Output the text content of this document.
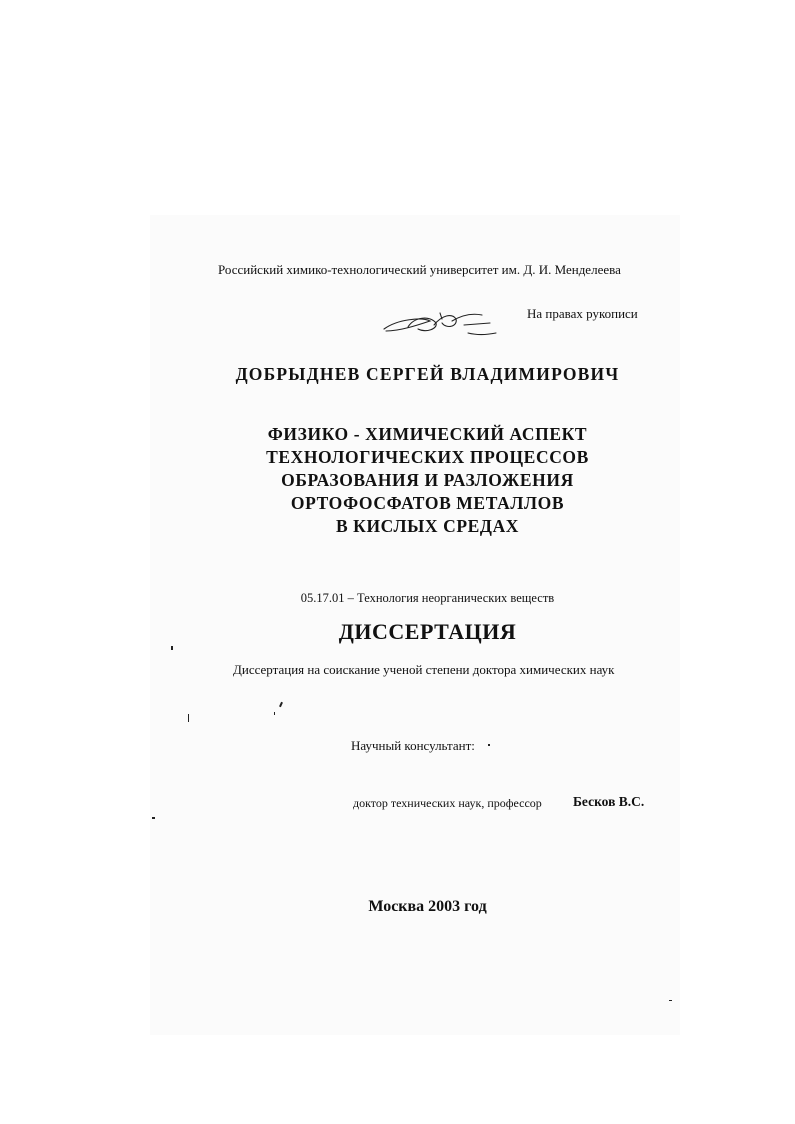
Российский химико-технологический университет им. Д. И. Менделеева
На правах рукописи
ДОБРЫДНЕВ СЕРГЕЙ ВЛАДИМИРОВИЧ
ФИЗИКО - ХИМИЧЕСКИЙ АСПЕКТ
ТЕХНОЛОГИЧЕСКИХ ПРОЦЕССОВ
ОБРАЗОВАНИЯ И РАЗЛОЖЕНИЯ
ОРТОФОСФАТОВ МЕТАЛЛОВ
В КИСЛЫХ СРЕДАХ
05.17.01 – Технология неорганических веществ
ДИССЕРТАЦИЯ
Диссертация на соискание ученой степени доктора химических наук
Научный консультант:
доктор технических наук, профессор Бесков В.С.
Москва 2003 год
